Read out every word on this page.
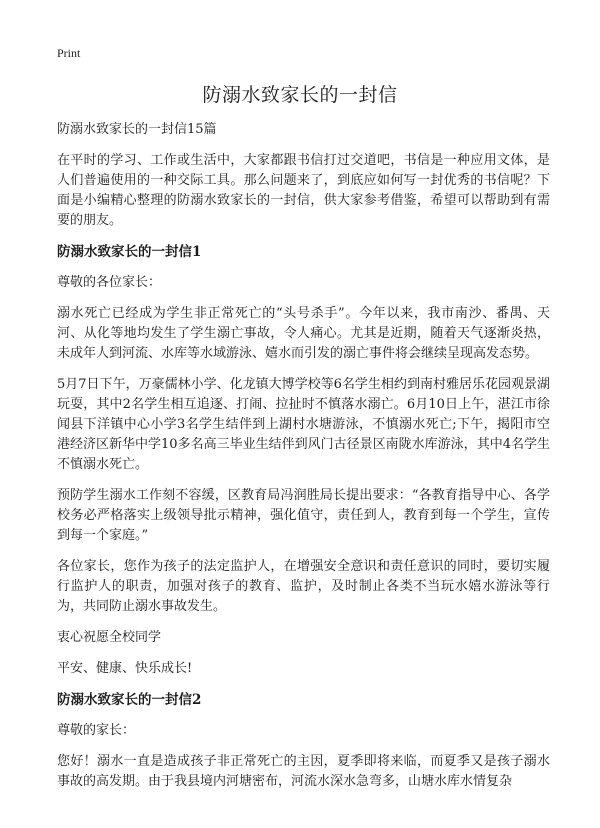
Print
防溺水致家长的一封信

防溺水致家长的一封信15篇

在平时的学习、工作或生活中，大家都跟书信打过交道吧，书信是一种应用文体，是人们普遍使用的一种交际工具。那么问题来了，到底应如何写一封优秀的书信呢？下面是小编精心整理的防溺水致家长的一封信，供大家参考借鉴，希望可以帮助到有需要的朋友。

防溺水致家长的一封信1

尊敬的各位家长：

溺水死亡已经成为学生非正常死亡的“头号杀手”。今年以来，我市南沙、番禺、天河、从化等地均发生了学生溺亡事故，令人痛心。尤其是近期，随着天气逐渐炎热，未成年人到河流、水库等水域游泳、嬉水而引发的溺亡事件将会继续呈现高发态势。

5月7日下午，万豪儒林小学、化龙镇大博学校等6名学生相约到南村雅居乐花园观景湖玩耍，其中2名学生相互追逐、打闹、拉扯时不慎落水溺亡。6月10日上午，湛江市徐闻县下洋镇中心小学3名学生结伴到上湖村水塘游泳，不慎溺水死亡;下午，揭阳市空港经济区新华中学10多名高三毕业生结伴到风门古径景区南陇水库游泳，其中4名学生不慎溺水死亡。

预防学生溺水工作刻不容缓，区教育局冯润胜局长提出要求：“各教育指导中心、各学校务必严格落实上级领导批示精神，强化值守，责任到人，教育到每一个学生，宣传到每一个家庭。”

各位家长，您作为孩子的法定监护人，在增强安全意识和责任意识的同时，要切实履行监护人的职责，加强对孩子的教育、监护，及时制止各类不当玩水嬉水游泳等行为，共同防止溺水事故发生。

衷心祝愿全校同学

平安、健康、快乐成长!

防溺水致家长的一封信2

尊敬的家长：

您好！溺水一直是造成孩子非正常死亡的主因，夏季即将来临，而夏季又是孩子溺水事故的高发期。由于我县境内河塘密布，河流水深水急弯多，山塘水库水情复杂
